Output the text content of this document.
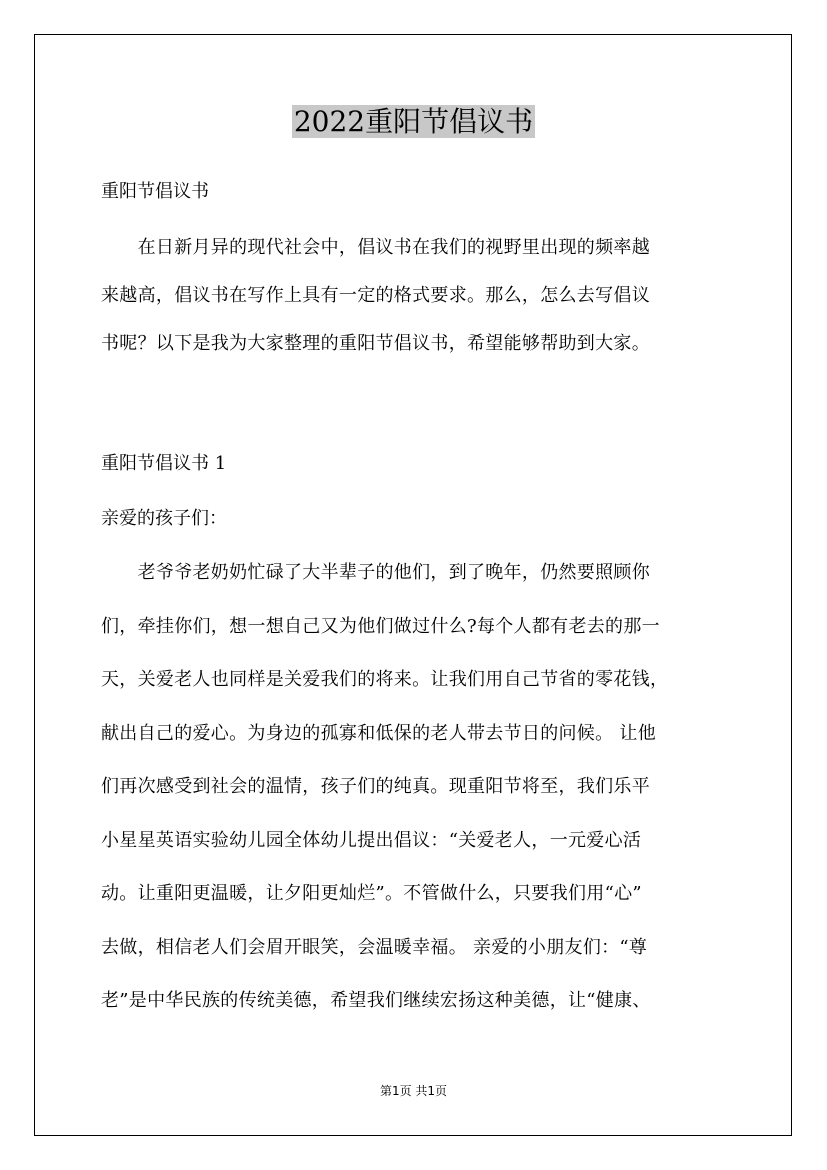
2022重阳节倡议书

重阳节倡议书

　　在日新月异的现代社会中，倡议书在我们的视野里出现的频率越
来越高，倡议书在写作上具有一定的格式要求。那么，怎么去写倡议
书呢？以下是我为大家整理的重阳节倡议书，希望能够帮助到大家。

重阳节倡议书 1

亲爱的孩子们：

　　老爷爷老奶奶忙碌了大半辈子的他们，到了晚年，仍然要照顾你
们，牵挂你们，想一想自己又为他们做过什么?每个人都有老去的那一
天，关爱老人也同样是关爱我们的将来。让我们用自己节省的零花钱，
献出自己的爱心。为身边的孤寡和低保的老人带去节日的问候。 让他
们再次感受到社会的温情，孩子们的纯真。现重阳节将至，我们乐平
小星星英语实验幼儿园全体幼儿提出倡议：“关爱老人，一元爱心活
动。让重阳更温暖，让夕阳更灿烂”。不管做什么，只要我们用“心”
去做，相信老人们会眉开眼笑，会温暖幸福。 亲爱的小朋友们：“尊
老”是中华民族的传统美德，希望我们继续宏扬这种美德，让“健康、

第1页 共1页
